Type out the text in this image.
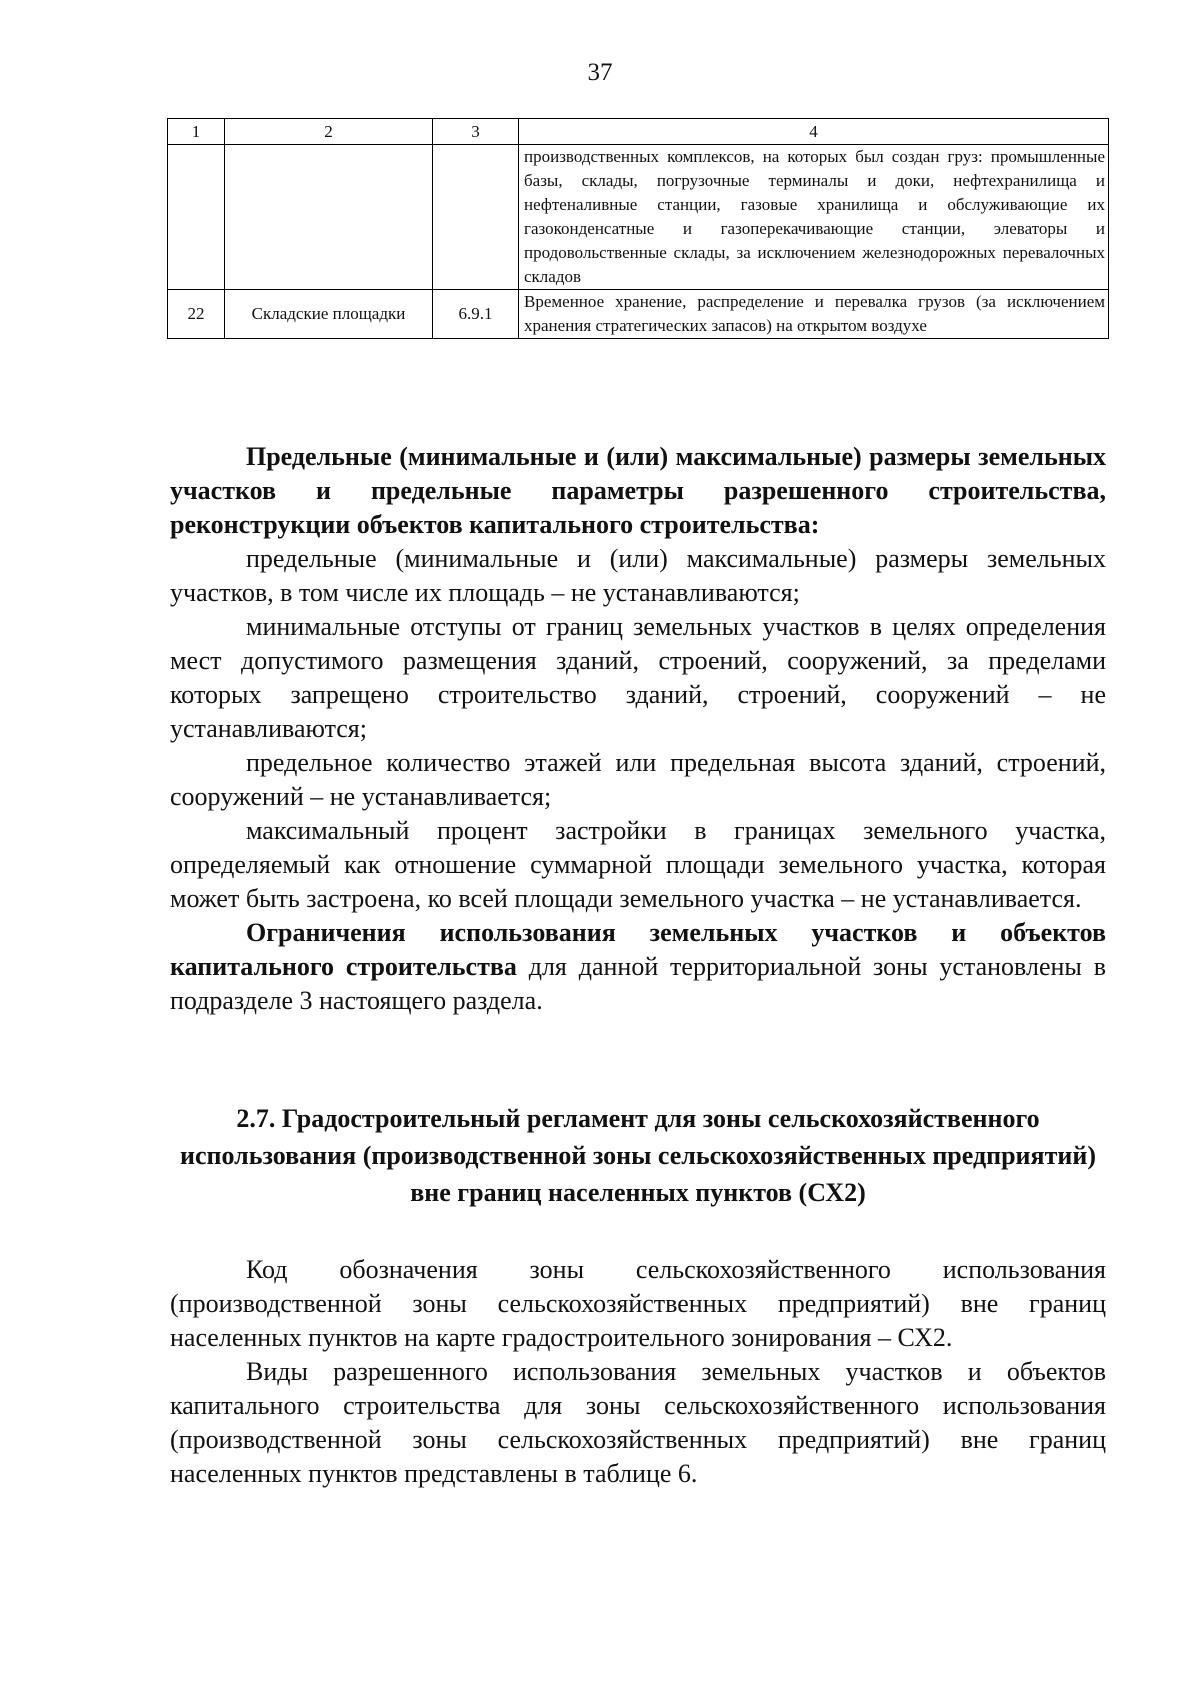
37
1	2	3	4
			производственных комплексов, на которых был создан груз: промышленные базы, склады, погрузочные терминалы и доки, нефтехранилища и нефтеналивные станции, газовые хранилища и обслуживающие их газоконденсатные и газоперекачивающие станции, элеваторы и продовольственные склады, за исключением железнодорожных перевалочных складов
22	Складские площадки	6.9.1	Временное хранение, распределение и перевалка грузов (за исключением хранения стратегических запасов) на открытом воздухе

Предельные (минимальные и (или) максимальные) размеры земельных участков и предельные параметры разрешенного строительства, реконструкции объектов капитального строительства:

предельные (минимальные и (или) максимальные) размеры земельных участков, в том числе их площадь – не устанавливаются;

минимальные отступы от границ земельных участков в целях определения мест допустимого размещения зданий, строений, сооружений, за пределами которых запрещено строительство зданий, строений, сооружений – не устанавливаются;

предельное количество этажей или предельная высота зданий, строений, сооружений – не устанавливается;

максимальный процент застройки в границах земельного участка, определяемый как отношение суммарной площади земельного участка, которая может быть застроена, ко всей площади земельного участка – не устанавливается.

Ограничения использования земельных участков и объектов капитального строительства для данной территориальной зоны установлены в подразделе 3 настоящего раздела.

2.7. Градостроительный регламент для зоны сельскохозяйственного использования (производственной зоны сельскохозяйственных предприятий) вне границ населенных пунктов (СХ2)

Код обозначения зоны сельскохозяйственного использования (производственной зоны сельскохозяйственных предприятий) вне границ населенных пунктов на карте градостроительного зонирования – СХ2.

Виды разрешенного использования земельных участков и объектов капитального строительства для зоны сельскохозяйственного использования (производственной зоны сельскохозяйственных предприятий) вне границ населенных пунктов представлены в таблице 6.
